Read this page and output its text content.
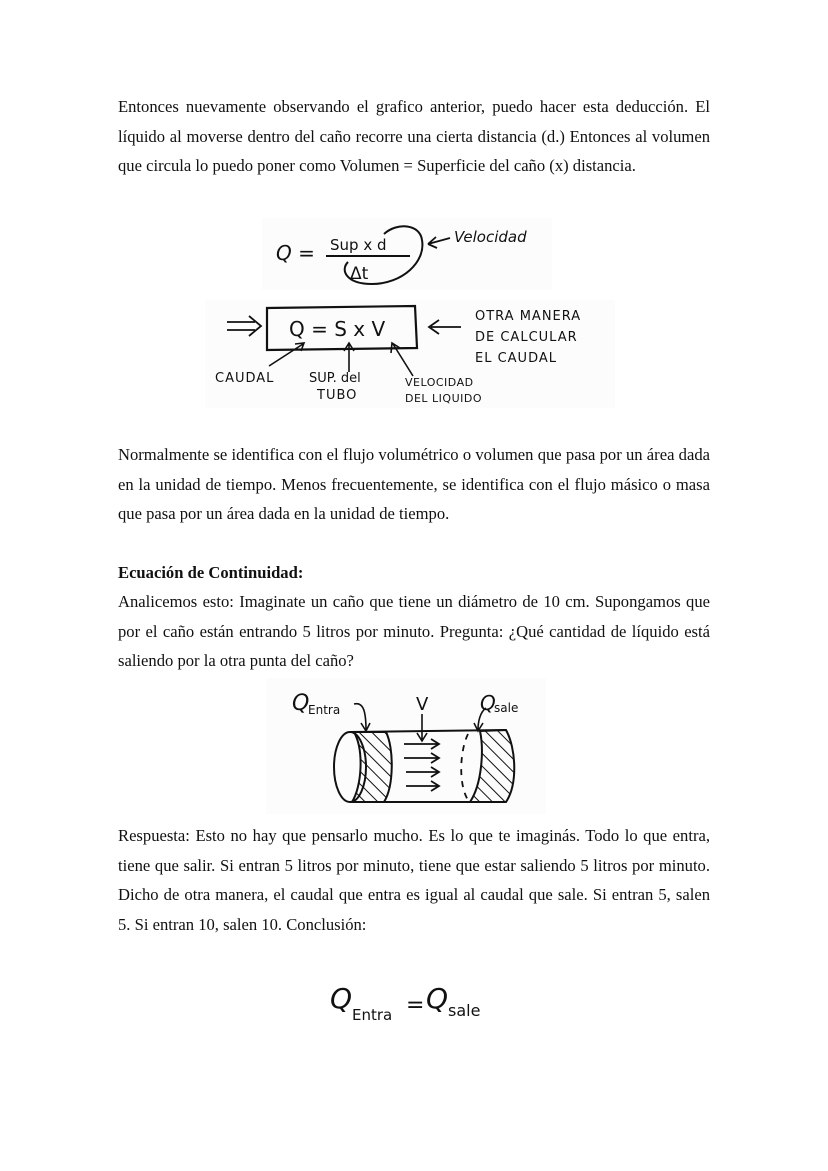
Entonces nuevamente observando el grafico anterior, puedo hacer esta deducción. El líquido al moverse dentro del caño recorre una cierta distancia (d.) Entonces al volumen que circula lo puedo poner como Volumen = Superficie del caño (x) distancia.

Q = Sup x d
Δt
Velocidad
Q = S x V
OTRA MANERA
DE CALCULAR
EL CAUDAL
CAUDAL	SUP. del
TUBO
VELOCIDAD
DEL LIQUIDO

Normalmente se identifica con el flujo volumétrico o volumen que pasa por un área dada en la unidad de tiempo. Menos frecuentemente, se identifica con el flujo másico o masa que pasa por un área dada en la unidad de tiempo.

Ecuación de Continuidad:

Analicemos esto: Imaginate un caño que tiene un diámetro de 10 cm. Supongamos que por el caño están entrando 5 litros por minuto. Pregunta: ¿Qué cantidad de líquido está saliendo por la otra punta del caño?

Q
Entra	V	Q
sale

Respuesta: Esto no hay que pensarlo mucho. Es lo que te imaginás. Todo lo que entra, tiene que salir. Si entran 5 litros por minuto, tiene que estar saliendo 5 litros por minuto. Dicho de otra manera, el caudal que entra es igual al caudal que sale. Si entran 5, salen 5. Si entran 10, salen 10. Conclusión:

Q Entra = Q sale
